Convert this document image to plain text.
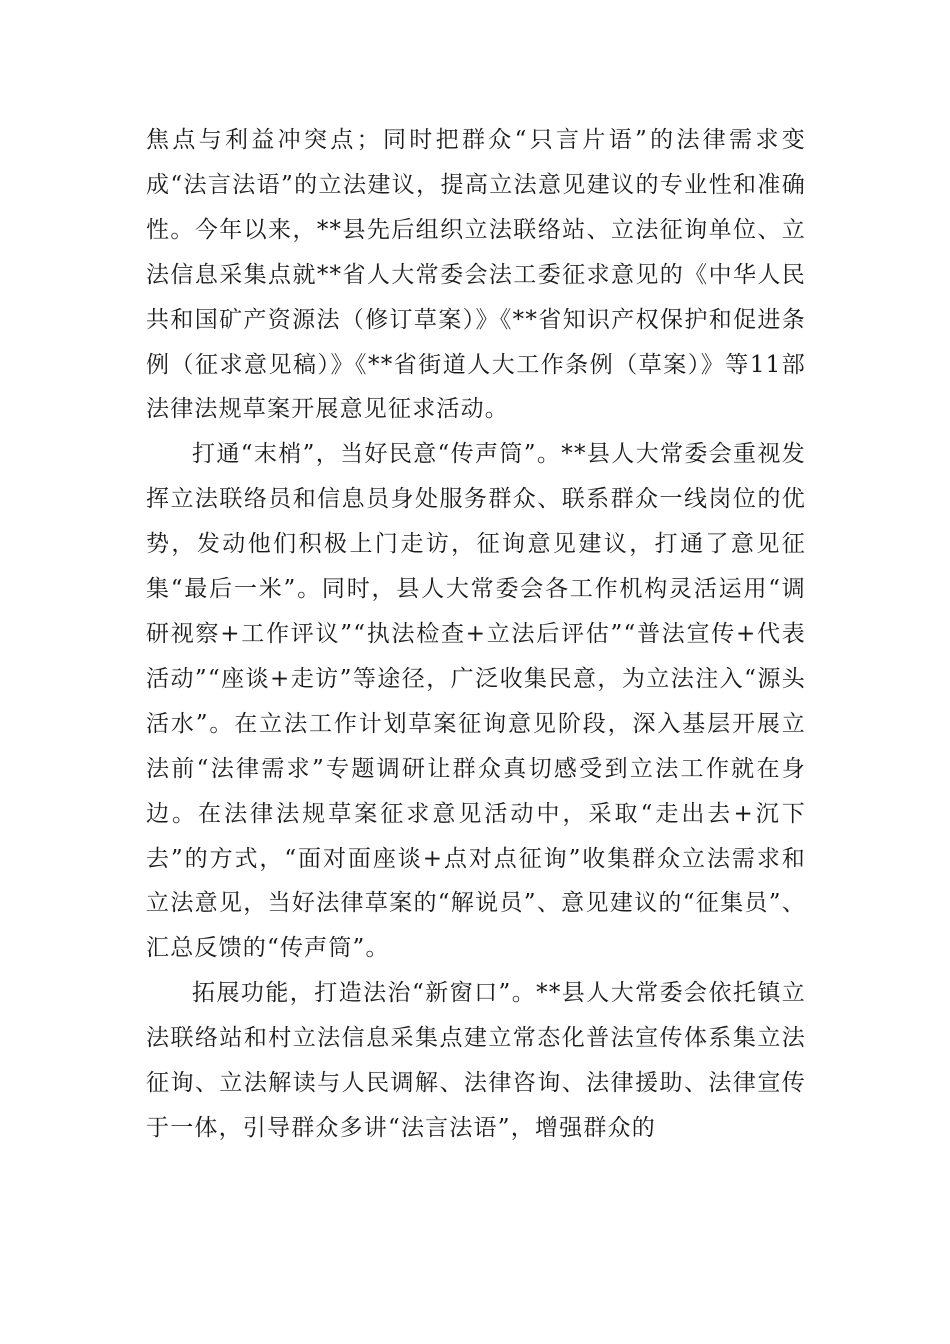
焦点与利益冲突点；同时把群众“只言片语”的法律需求变成“法言法语”的立法建议，提高立法意见建议的专业性和准确性。今年以来，**县先后组织立法联络站、立法征询单位、立法信息采集点就**省人大常委会法工委征求意见的《中华人民共和国矿产资源法（修订草案）》《**省知识产权保护和促进条例（征求意见稿）》《**省街道人大工作条例（草案）》等11部法律法规草案开展意见征求活动。

打通“末梢”，当好民意“传声筒”。**县人大常委会重视发挥立法联络员和信息员身处服务群众、联系群众一线岗位的优势，发动他们积极上门走访，征询意见建议，打通了意见征集“最后一米”。同时，县人大常委会各工作机构灵活运用“调研视察+工作评议”“执法检查+立法后评估”“普法宣传+代表活动”“座谈+走访”等途径，广泛收集民意，为立法注入“源头活水”。在立法工作计划草案征询意见阶段，深入基层开展立法前“法律需求”专题调研让群众真切感受到立法工作就在身边。在法律法规草案征求意见活动中，采取“走出去+沉下去”的方式，“面对面座谈+点对点征询”收集群众立法需求和立法意见，当好法律草案的“解说员”、意见建议的“征集员”、汇总反馈的“传声筒”。

拓展功能，打造法治“新窗口”。**县人大常委会依托镇立法联络站和村立法信息采集点建立常态化普法宣传体系集立法征询、立法解读与人民调解、法律咨询、法律援助、法律宣传于一体，引导群众多讲“法言法语”，增强群众的
